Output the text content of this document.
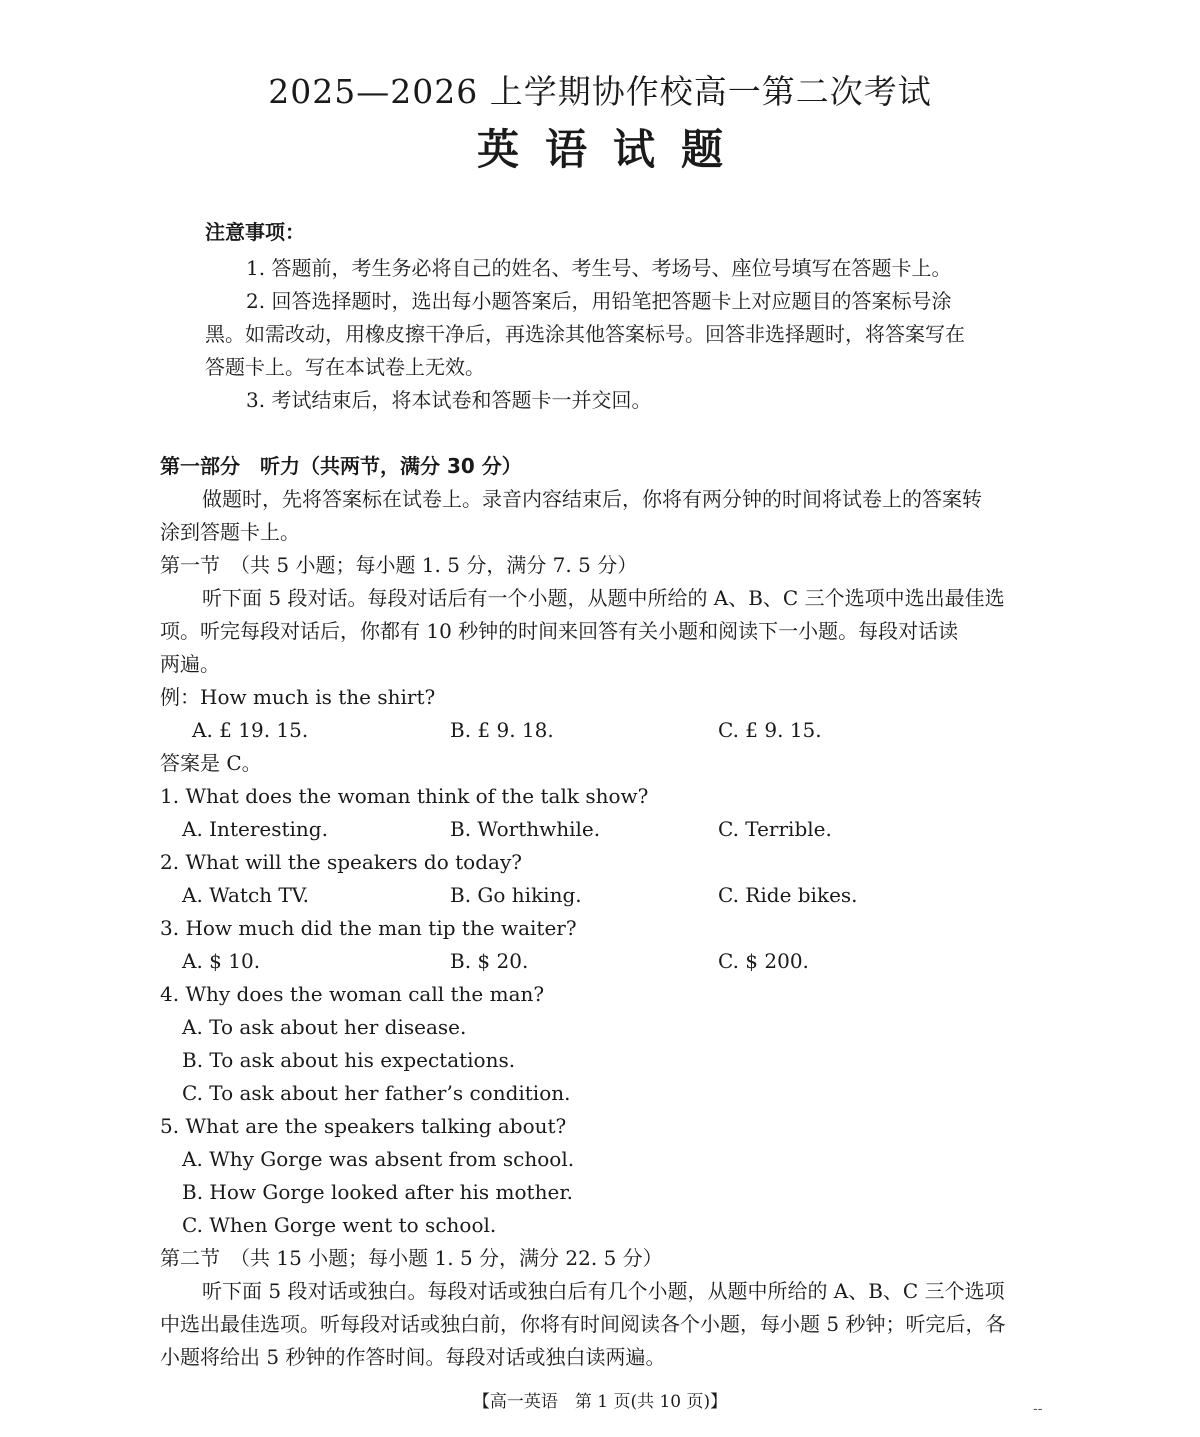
2025—2026 上学期协作校高一第二次考试
英语试题
注意事项：
1. 答题前，考生务必将自己的姓名、考生号、考场号、座位号填写在答题卡上。
2. 回答选择题时，选出每小题答案后，用铅笔把答题卡上对应题目的答案标号涂
黑。如需改动，用橡皮擦干净后，再选涂其他答案标号。回答非选择题时，将答案写在
答题卡上。写在本试卷上无效。
3. 考试结束后，将本试卷和答题卡一并交回。
第一部分　听力（共两节，满分 30 分）
做题时，先将答案标在试卷上。录音内容结束后，你将有两分钟的时间将试卷上的答案转
涂到答题卡上。
第一节　（共 5 小题；每小题 1. 5 分，满分 7. 5 分）
听下面 5 段对话。每段对话后有一个小题，从题中所给的 A、B、C 三个选项中选出最佳选
项。听完每段对话后，你都有 10 秒钟的时间来回答有关小题和阅读下一小题。每段对话读
两遍。
例：How much is the shirt?
A. £ 19. 15.	B. £ 9. 18.	C. £ 9. 15.
答案是 C。
1. What does the woman think of the talk show?
A. Interesting.	B. Worthwhile.	C. Terrible.
2. What will the speakers do today?
A. Watch TV.	B. Go hiking.	C. Ride bikes.
3. How much did the man tip the waiter?
A. $ 10.	B. $ 20.	C. $ 200.
4. Why does the woman call the man?
A. To ask about her disease.
B. To ask about his expectations.
C. To ask about her father’s condition.
5. What are the speakers talking about?
A. Why Gorge was absent from school.
B. How Gorge looked after his mother.
C. When Gorge went to school.
第二节　（共 15 小题；每小题 1. 5 分，满分 22. 5 分）
听下面 5 段对话或独白。每段对话或独白后有几个小题，从题中所给的 A、B、C 三个选项
中选出最佳选项。听每段对话或独白前，你将有时间阅读各个小题，每小题 5 秒钟；听完后，各
小题将给出 5 秒钟的作答时间。每段对话或独白读两遍。
【高一英语　第 1 页(共 10 页)】	--
